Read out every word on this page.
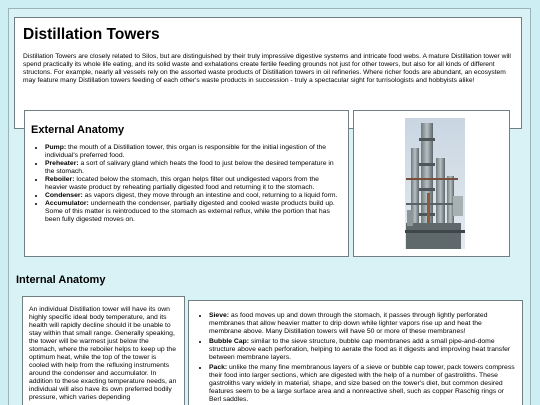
Distillation Towers

Distillation Towers are closely related to Silos, but are distinguished by their truly impressive digestive systems and intricate food webs. A mature Distillation tower will spend practically its whole life eating, and its solid waste and exhalations create fertile feeding grounds not just for other towers, but also for all kinds of different structons. For example, nearly all vessels rely on the assorted waste products of Distillation towers in oil refineries. Where richer foods are abundant, an ecosystem may feature many Distillation towers feeding of each other's waste products in succession - truly a spectacular sight for turrisologists and hobbyists alike!

External Anatomy
• Pump: the mouth of a Distillation tower, this organ is responsible for the initial ingestion of the individual's preferred food.
• Preheater: a sort of salivary gland which heats the food to just below the desired temperature in the stomach.
• Reboiler: located below the stomach, this organ helps filter out undigested vapors from the heavier waste product by reheating partially digested food and returning it to the stomach.
• Condenser: as vapors digest, they move through an intestine and cool, returning to a liquid form.
• Accumulator: underneath the condenser, partially digested and cooled waste products build up. Some of this matter is reintroduced to the stomach as external reflux, while the portion that has been fully digested moves on.
Internal Anatomy

An individual Distillation tower will have its own highly specific ideal body temperature, and its health will rapidly decline should it be unable to stay within that small range. Generally speaking, the tower will be warmest just below the stomach, where the reboiler helps to keep up the optimum heat, while the top of the tower is cooled with help from the refluxing instruments around the condenser and accumulator. In addition to these exacting temperature needs, an individual will also have its own preferred bodily pressure, which varies depending

• Sieve: as food moves up and down through the stomach, it passes through lightly perforated membranes that allow heavier matter to drip down while lighter vapors rise up and heat the membrane above. Many Distillation towers will have 50 or more of these membranes!
• Bubble Cap: similar to the sieve structure, bubble cap membranes add a small pipe-and-dome structure above each perforation, helping to aerate the food as it digests and improving heat transfer between membrane layers.
• Pack: unlike the many fine membranous layers of a sieve or bubble cap tower, pack towers compress their food into larger sections, which are digested with the help of a number of gastroliths. These gastroliths vary widely in material, shape, and size based on the tower's diet, but common desired features seem to be a large surface area and a nonreactive shell, such as copper Raschig rings or Berl saddles.
